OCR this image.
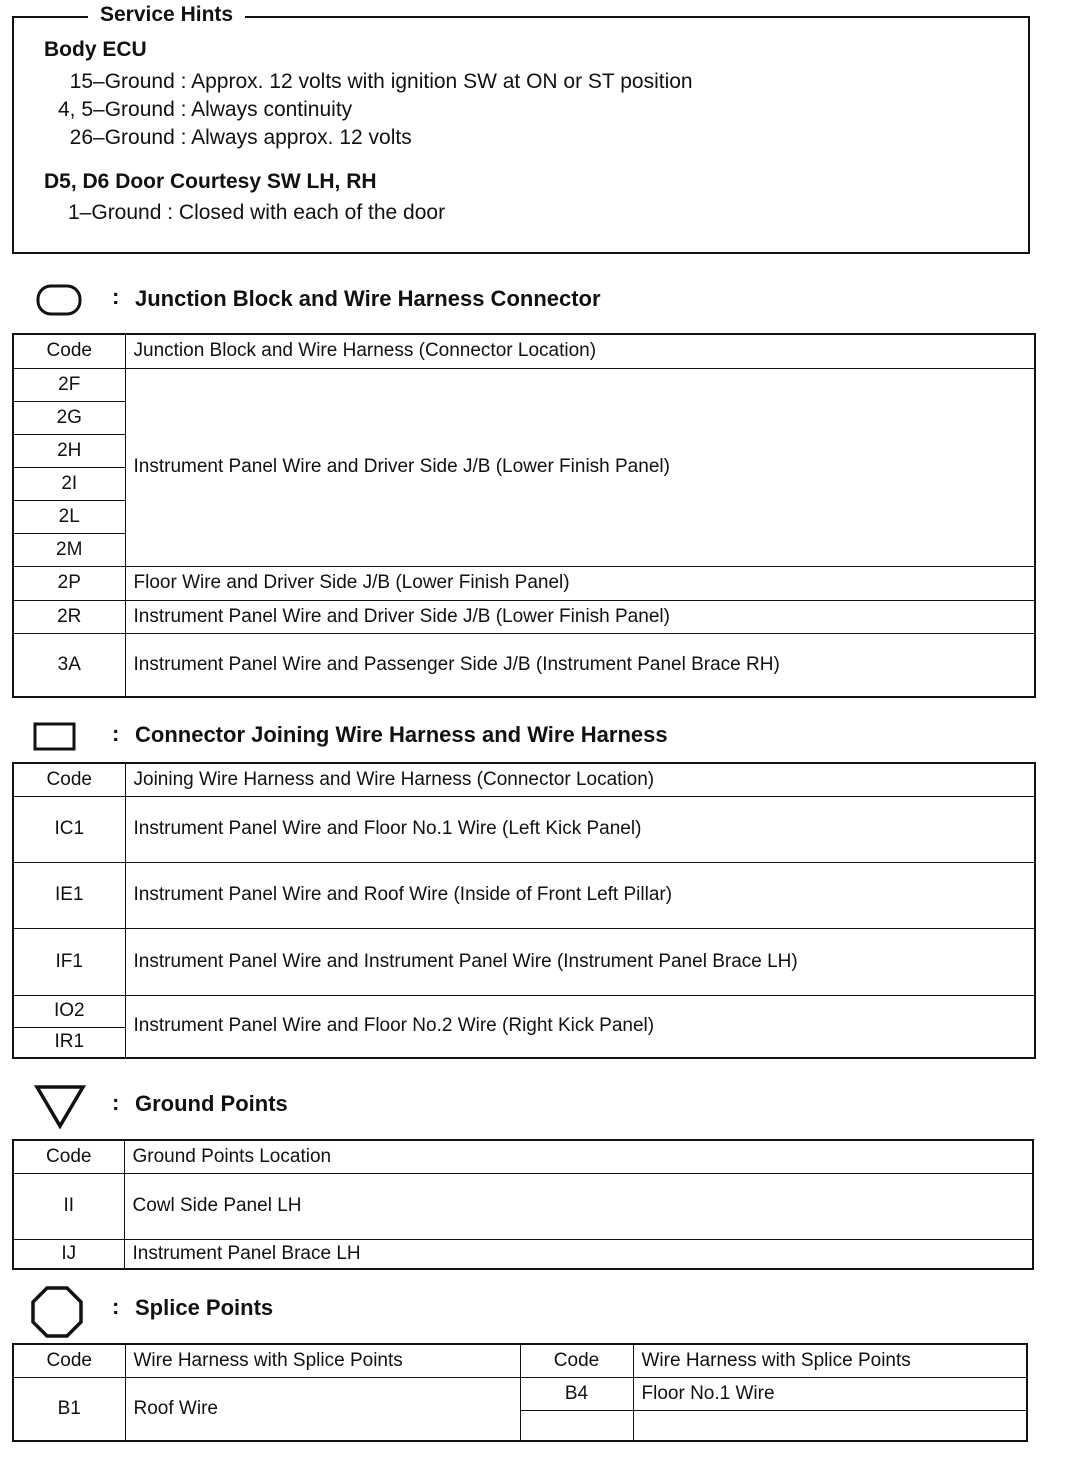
Service Hints
Body ECU
15–Ground : Approx. 12 volts with ignition SW at ON or ST position
4, 5–Ground : Always continuity
26–Ground : Always approx. 12 volts
D5, D6 Door Courtesy SW LH, RH
1–Ground : Closed with each of the door
: Junction Block and Wire Harness Connector
Code	Junction Block and Wire Harness (Connector Location)
2F	Instrument Panel Wire and Driver Side J/B (Lower Finish Panel)
2G	
2H	
2I	
2L	
2M	
2P	Floor Wire and Driver Side J/B (Lower Finish Panel)
2R	Instrument Panel Wire and Driver Side J/B (Lower Finish Panel)
3A	Instrument Panel Wire and Passenger Side J/B (Instrument Panel Brace RH)
: Connector Joining Wire Harness and Wire Harness
Code	Joining Wire Harness and Wire Harness (Connector Location)
IC1	Instrument Panel Wire and Floor No.1 Wire (Left Kick Panel)
IE1	Instrument Panel Wire and Roof Wire (Inside of Front Left Pillar)
IF1	Instrument Panel Wire and Instrument Panel Wire (Instrument Panel Brace LH)
IO2	Instrument Panel Wire and Floor No.2 Wire (Right Kick Panel)
IR1	
: Ground Points
Code	Ground Points Location
II	Cowl Side Panel LH
IJ	Instrument Panel Brace LH
: Splice Points
Code	Wire Harness with Splice Points	Code	Wire Harness with Splice Points
B1	Roof Wire	B4	Floor No.1 Wire
